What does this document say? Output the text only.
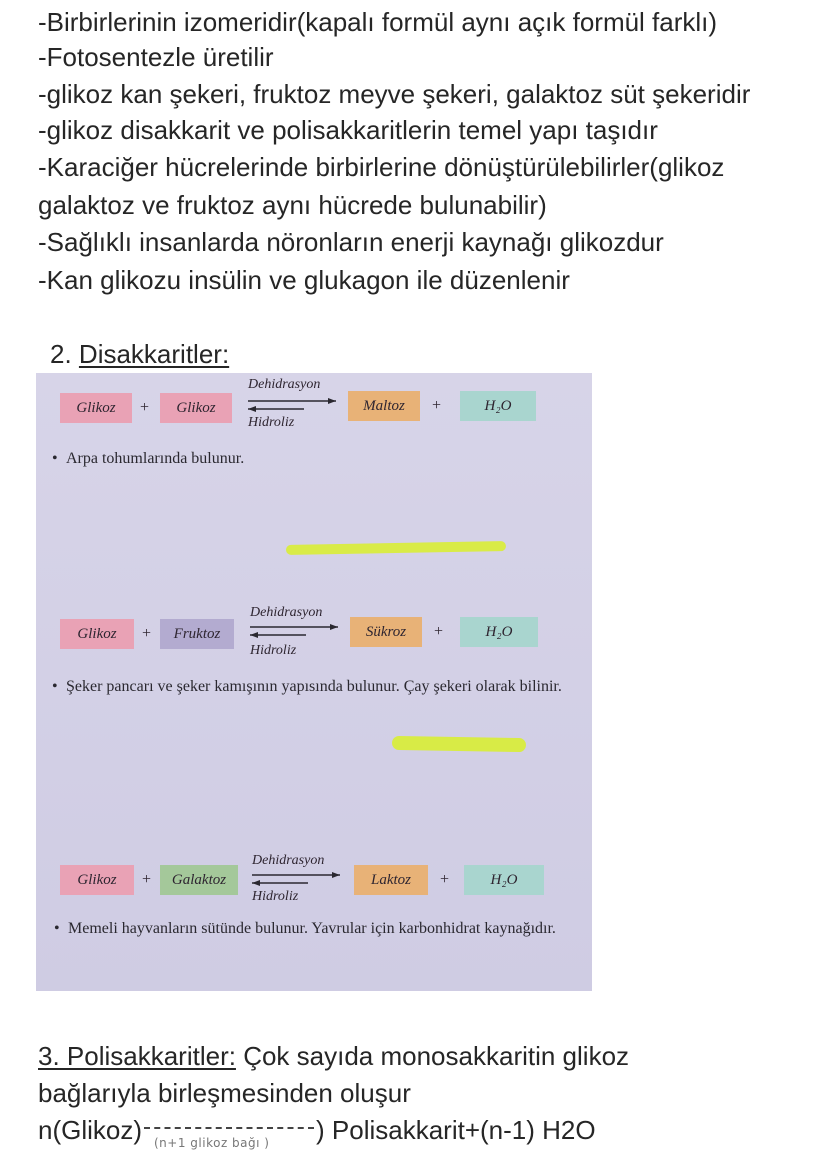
-Birbirlerinin izomeridir(kapalı formül aynı açık formül farklı)
-Fotosentezle üretilir
-glikoz kan şekeri, fruktoz meyve şekeri, galaktoz süt şekeridir
-glikoz disakkarit ve polisakkaritlerin temel yapı taşıdır
-Karaciğer hücrelerinde birbirlerine dönüştürülebilirler(glikoz
galaktoz ve fruktoz aynı hücrede bulunabilir)
-Sağlıklı insanlarda nöronların enerji kaynağı glikozdur
-Kan glikozu insülin ve glukagon ile düzenlenir
2. Disakkaritler:
Glikoz	+	Glikoz
Dehidrasyon
Hidroliz
Maltoz	+	H₂O
• Arpa tohumlarında bulunur.
Glikoz	+	Fruktoz
Dehidrasyon
Hidroliz
Sükroz	+	H₂O
• Şeker pancarı ve şeker kamışının yapısında bulunur. Çay şekeri olarak bilinir.
Glikoz	+	Galaktoz
Dehidrasyon
Hidroliz
Laktoz	+	H₂O
• Memeli hayvanların sütünde bulunur. Yavrular için karbonhidrat kaynağıdır.
3. Polisakkaritler: Çok sayıda monosakkaritin glikoz
bağlarıyla birleşmesinden oluşur
n(Glikoz)	) Polisakkarit+(n-1) H2O
(n+1 glikoz bağı )
